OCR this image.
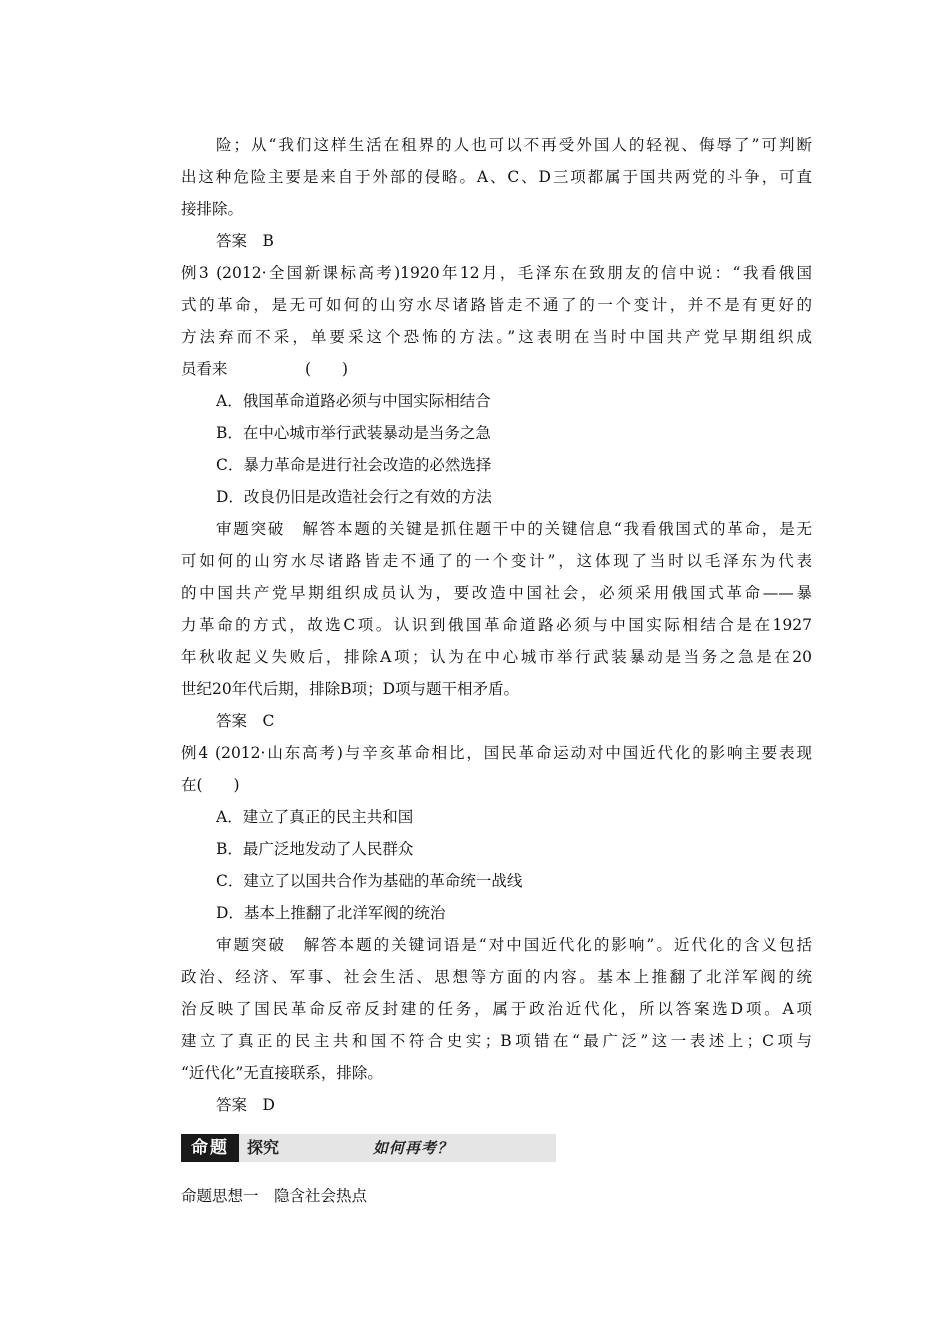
险；从“我们这样生活在租界的人也可以不再受外国人的轻视、侮辱了”可判断
出这种危险主要是来自于外部的侵略。A、C、D三项都属于国共两党的斗争，可直
接排除。
答案　B
例3 (2012·全国新课标高考)1920年12月，毛泽东在致朋友的信中说：“我看俄国
式的革命，是无可如何的山穷水尽诸路皆走不通了的一个变计，并不是有更好的
方法弃而不采，单要采这个恐怖的方法。”这表明在当时中国共产党早期组织成
员看来　　　　　(　　)
A．俄国革命道路必须与中国实际相结合
B．在中心城市举行武装暴动是当务之急
C．暴力革命是进行社会改造的必然选择
D．改良仍旧是改造社会行之有效的方法
审题突破　解答本题的关键是抓住题干中的关键信息“我看俄国式的革命，是无
可如何的山穷水尽诸路皆走不通了的一个变计”，这体现了当时以毛泽东为代表
的中国共产党早期组织成员认为，要改造中国社会，必须采用俄国式革命——暴
力革命的方式，故选C项。认识到俄国革命道路必须与中国实际相结合是在1927
年秋收起义失败后，排除A项；认为在中心城市举行武装暴动是当务之急是在20
世纪20年代后期，排除B项；D项与题干相矛盾。
答案　C
例4 (2012·山东高考)与辛亥革命相比，国民革命运动对中国近代化的影响主要表现
在(　　)
A．建立了真正的民主共和国
B．最广泛地发动了人民群众
C．建立了以国共合作为基础的革命统一战线
D．基本上推翻了北洋军阀的统治
审题突破　解答本题的关键词语是“对中国近代化的影响”。近代化的含义包括
政治、经济、军事、社会生活、思想等方面的内容。基本上推翻了北洋军阀的统
治反映了国民革命反帝反封建的任务，属于政治近代化，所以答案选D项。A项
建立了真正的民主共和国不符合史实；B项错在“最广泛”这一表述上；C项与
“近代化”无直接联系，排除。
答案　D
命题	探究	如何再考？
命题思想一　隐含社会热点
